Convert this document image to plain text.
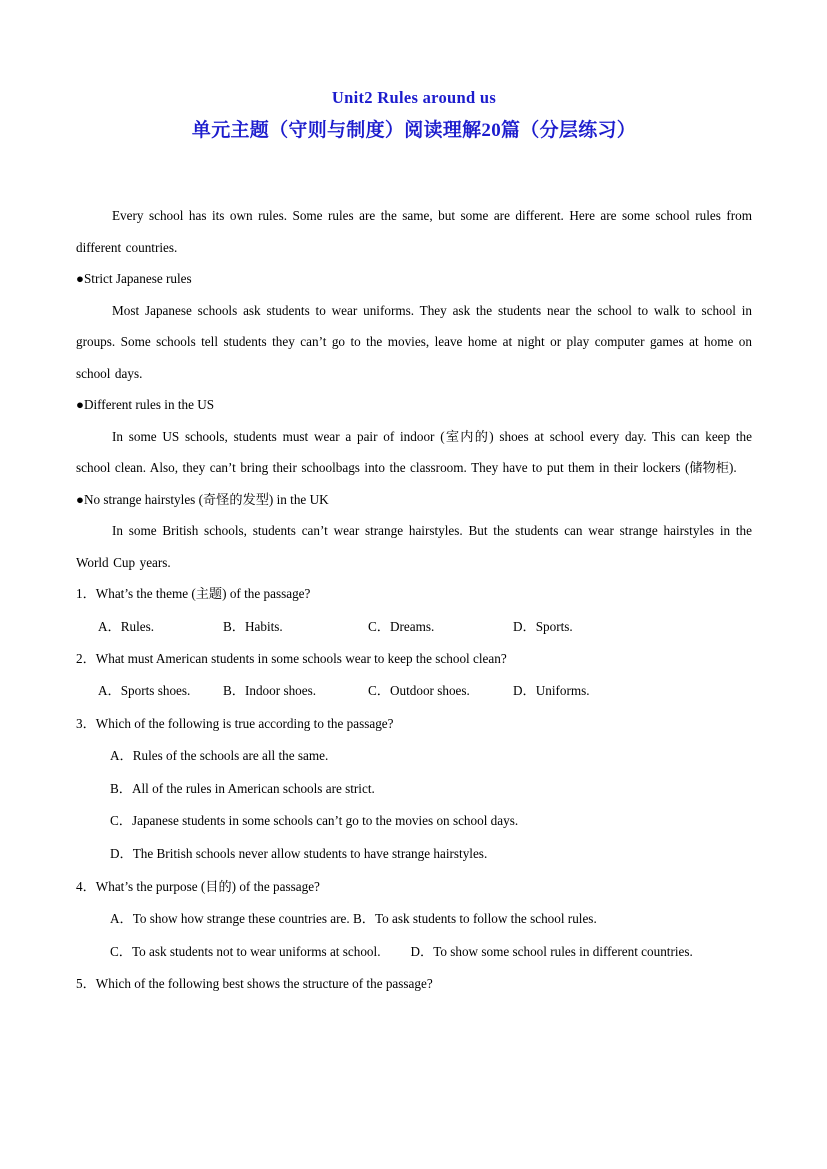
Unit2 Rules around us
单元主题（守则与制度）阅读理解20篇（分层练习）

Every school has its own rules. Some rules are the same, but some are different. Here are some school rules from different countries.

●Strict Japanese rules

Most Japanese schools ask students to wear uniforms. They ask the students near the school to walk to school in groups. Some schools tell students they can’t go to the movies, leave home at night or play computer games at home on school days.

●Different rules in the US

In some US schools, students must wear a pair of indoor (室内的) shoes at school every day. This can keep the school clean. Also, they can’t bring their schoolbags into the classroom. They have to put them in their lockers (储物柜).

●No strange hairstyles (奇怪的发型) in the UK

In some British schools, students can’t wear strange hairstyles. But the students can wear strange hairstyles in the World Cup years.

1．What’s the theme (主题) of the passage?

A．Rules.	B．Habits.	C．Dreams.	D．Sports.

2．What must American students in some schools wear to keep the school clean?

A．Sports shoes.	B．Indoor shoes.	C．Outdoor shoes.	D．Uniforms.

3．Which of the following is true according to the passage?

A．Rules of the schools are all the same.

B．All of the rules in American schools are strict.

C．Japanese students in some schools can’t go to the movies on school days.

D．The British schools never allow students to have strange hairstyles.

4．What’s the purpose (目的) of the passage?

A．To show how strange these countries are. B．To ask students to follow the school rules.

C．To ask students not to wear uniforms at school. D．To show some school rules in different countries.

5．Which of the following best shows the structure of the passage?
